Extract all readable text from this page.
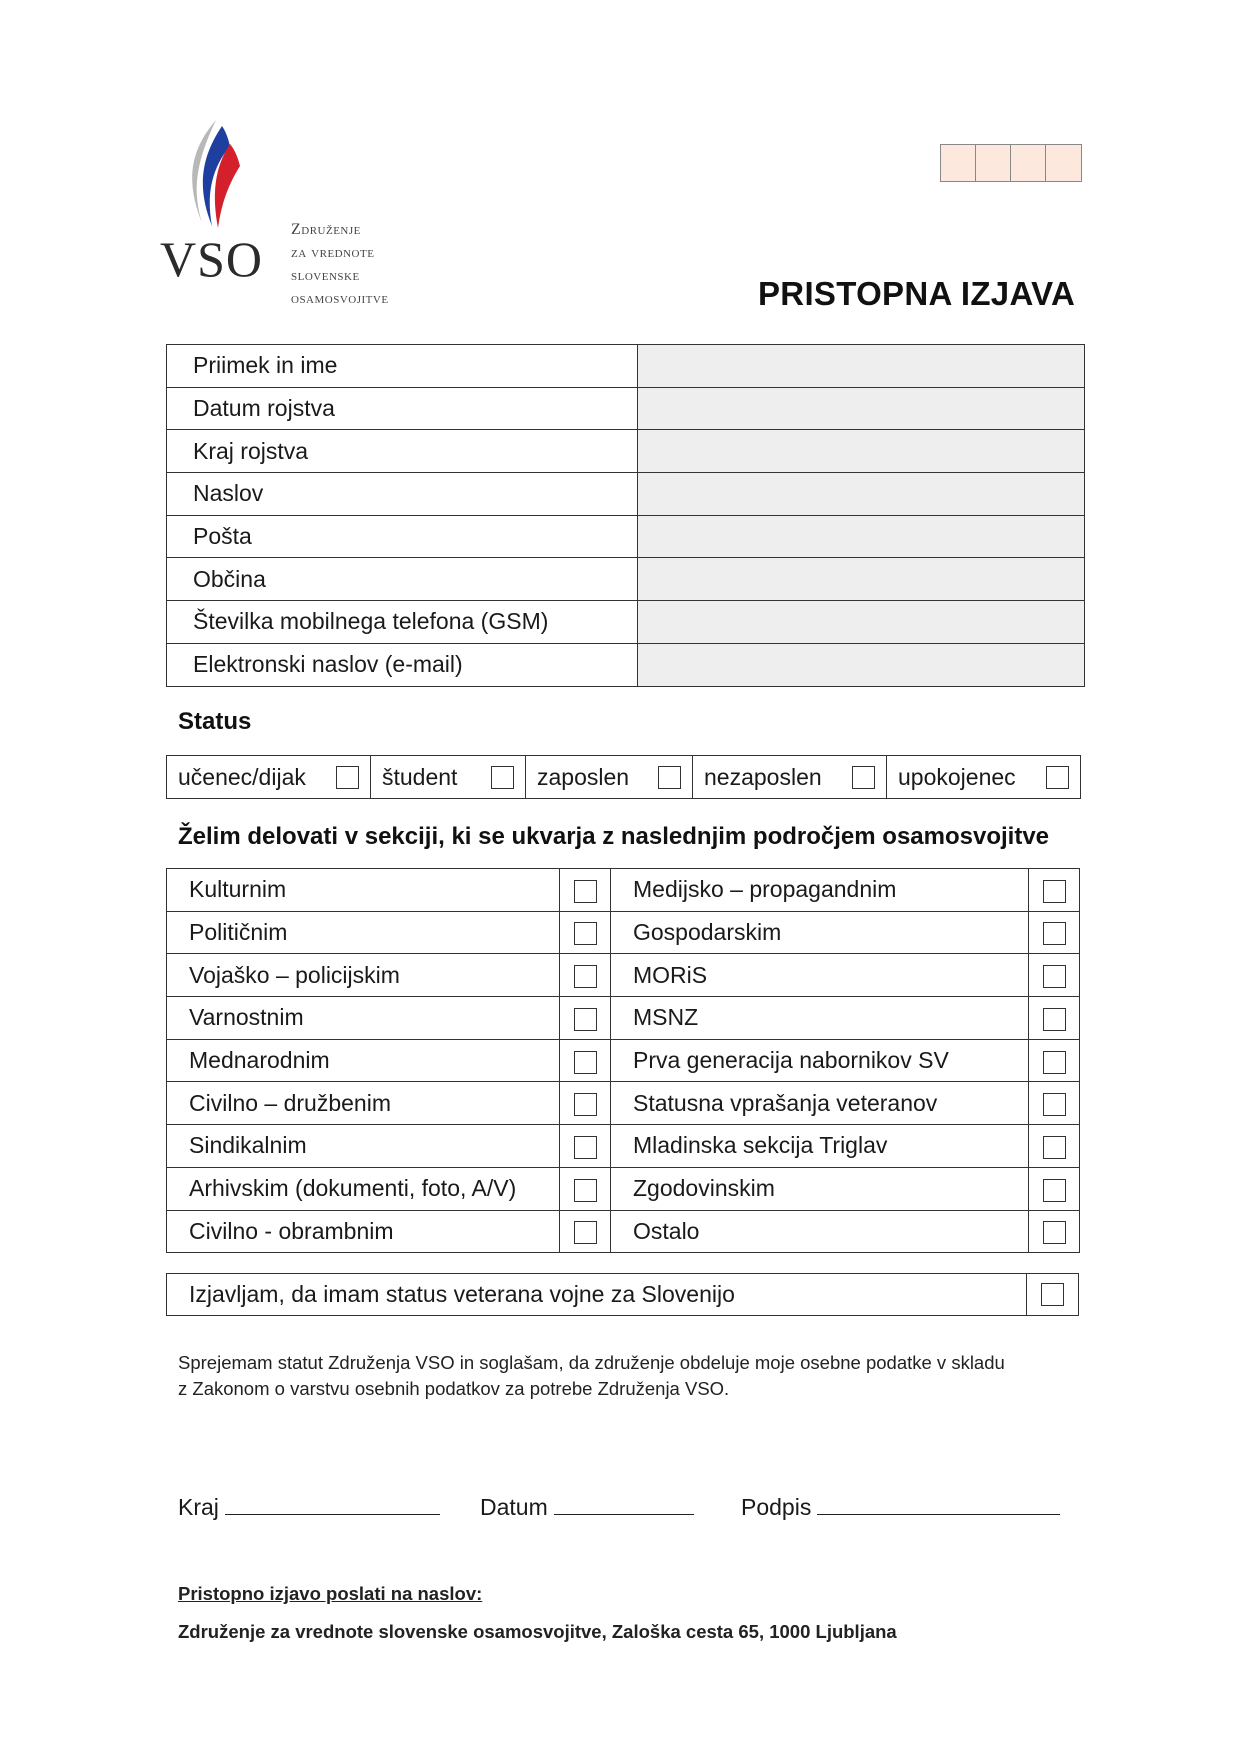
VSO
Združenje
za vrednote
slovenske
osamosvojitve	PRISTOPNA IZJAVA
Priimek in ime	
Datum rojstva	
Kraj rojstva	
Naslov	
Pošta	
Občina	
Številka mobilnega telefona (GSM)	
Elektronski naslov (e-mail)	
Status
učenec/dijak	študent	zaposlen	nezaposlen	upokojenec
Želim delovati v sekciji, ki se ukvarja z naslednjim področjem osamosvojitve
Kulturnim		Medijsko – propagandnim	
Političnim		Gospodarskim	
Vojaško – policijskim		MORiS	
Varnostnim		MSNZ	
Mednarodnim		Prva generacija nabornikov SV	
Civilno – družbenim		Statusna vprašanja veteranov	
Sindikalnim		Mladinska sekcija Triglav	
Arhivskim (dokumenti, foto, A/V)		Zgodovinskim	
Civilno - obrambnim		Ostalo	
Izjavljam, da imam status veterana vojne za Slovenijo
Sprejemam statut Združenja VSO in soglašam, da združenje obdeluje moje osebne podatke v skladu
z Zakonom o varstvu osebnih podatkov za potrebe Združenja VSO.
Kraj	Datum	Podpis
Pristopno izjavo poslati na naslov:
Združenje za vrednote slovenske osamosvojitve, Zaloška cesta 65, 1000 Ljubljana
